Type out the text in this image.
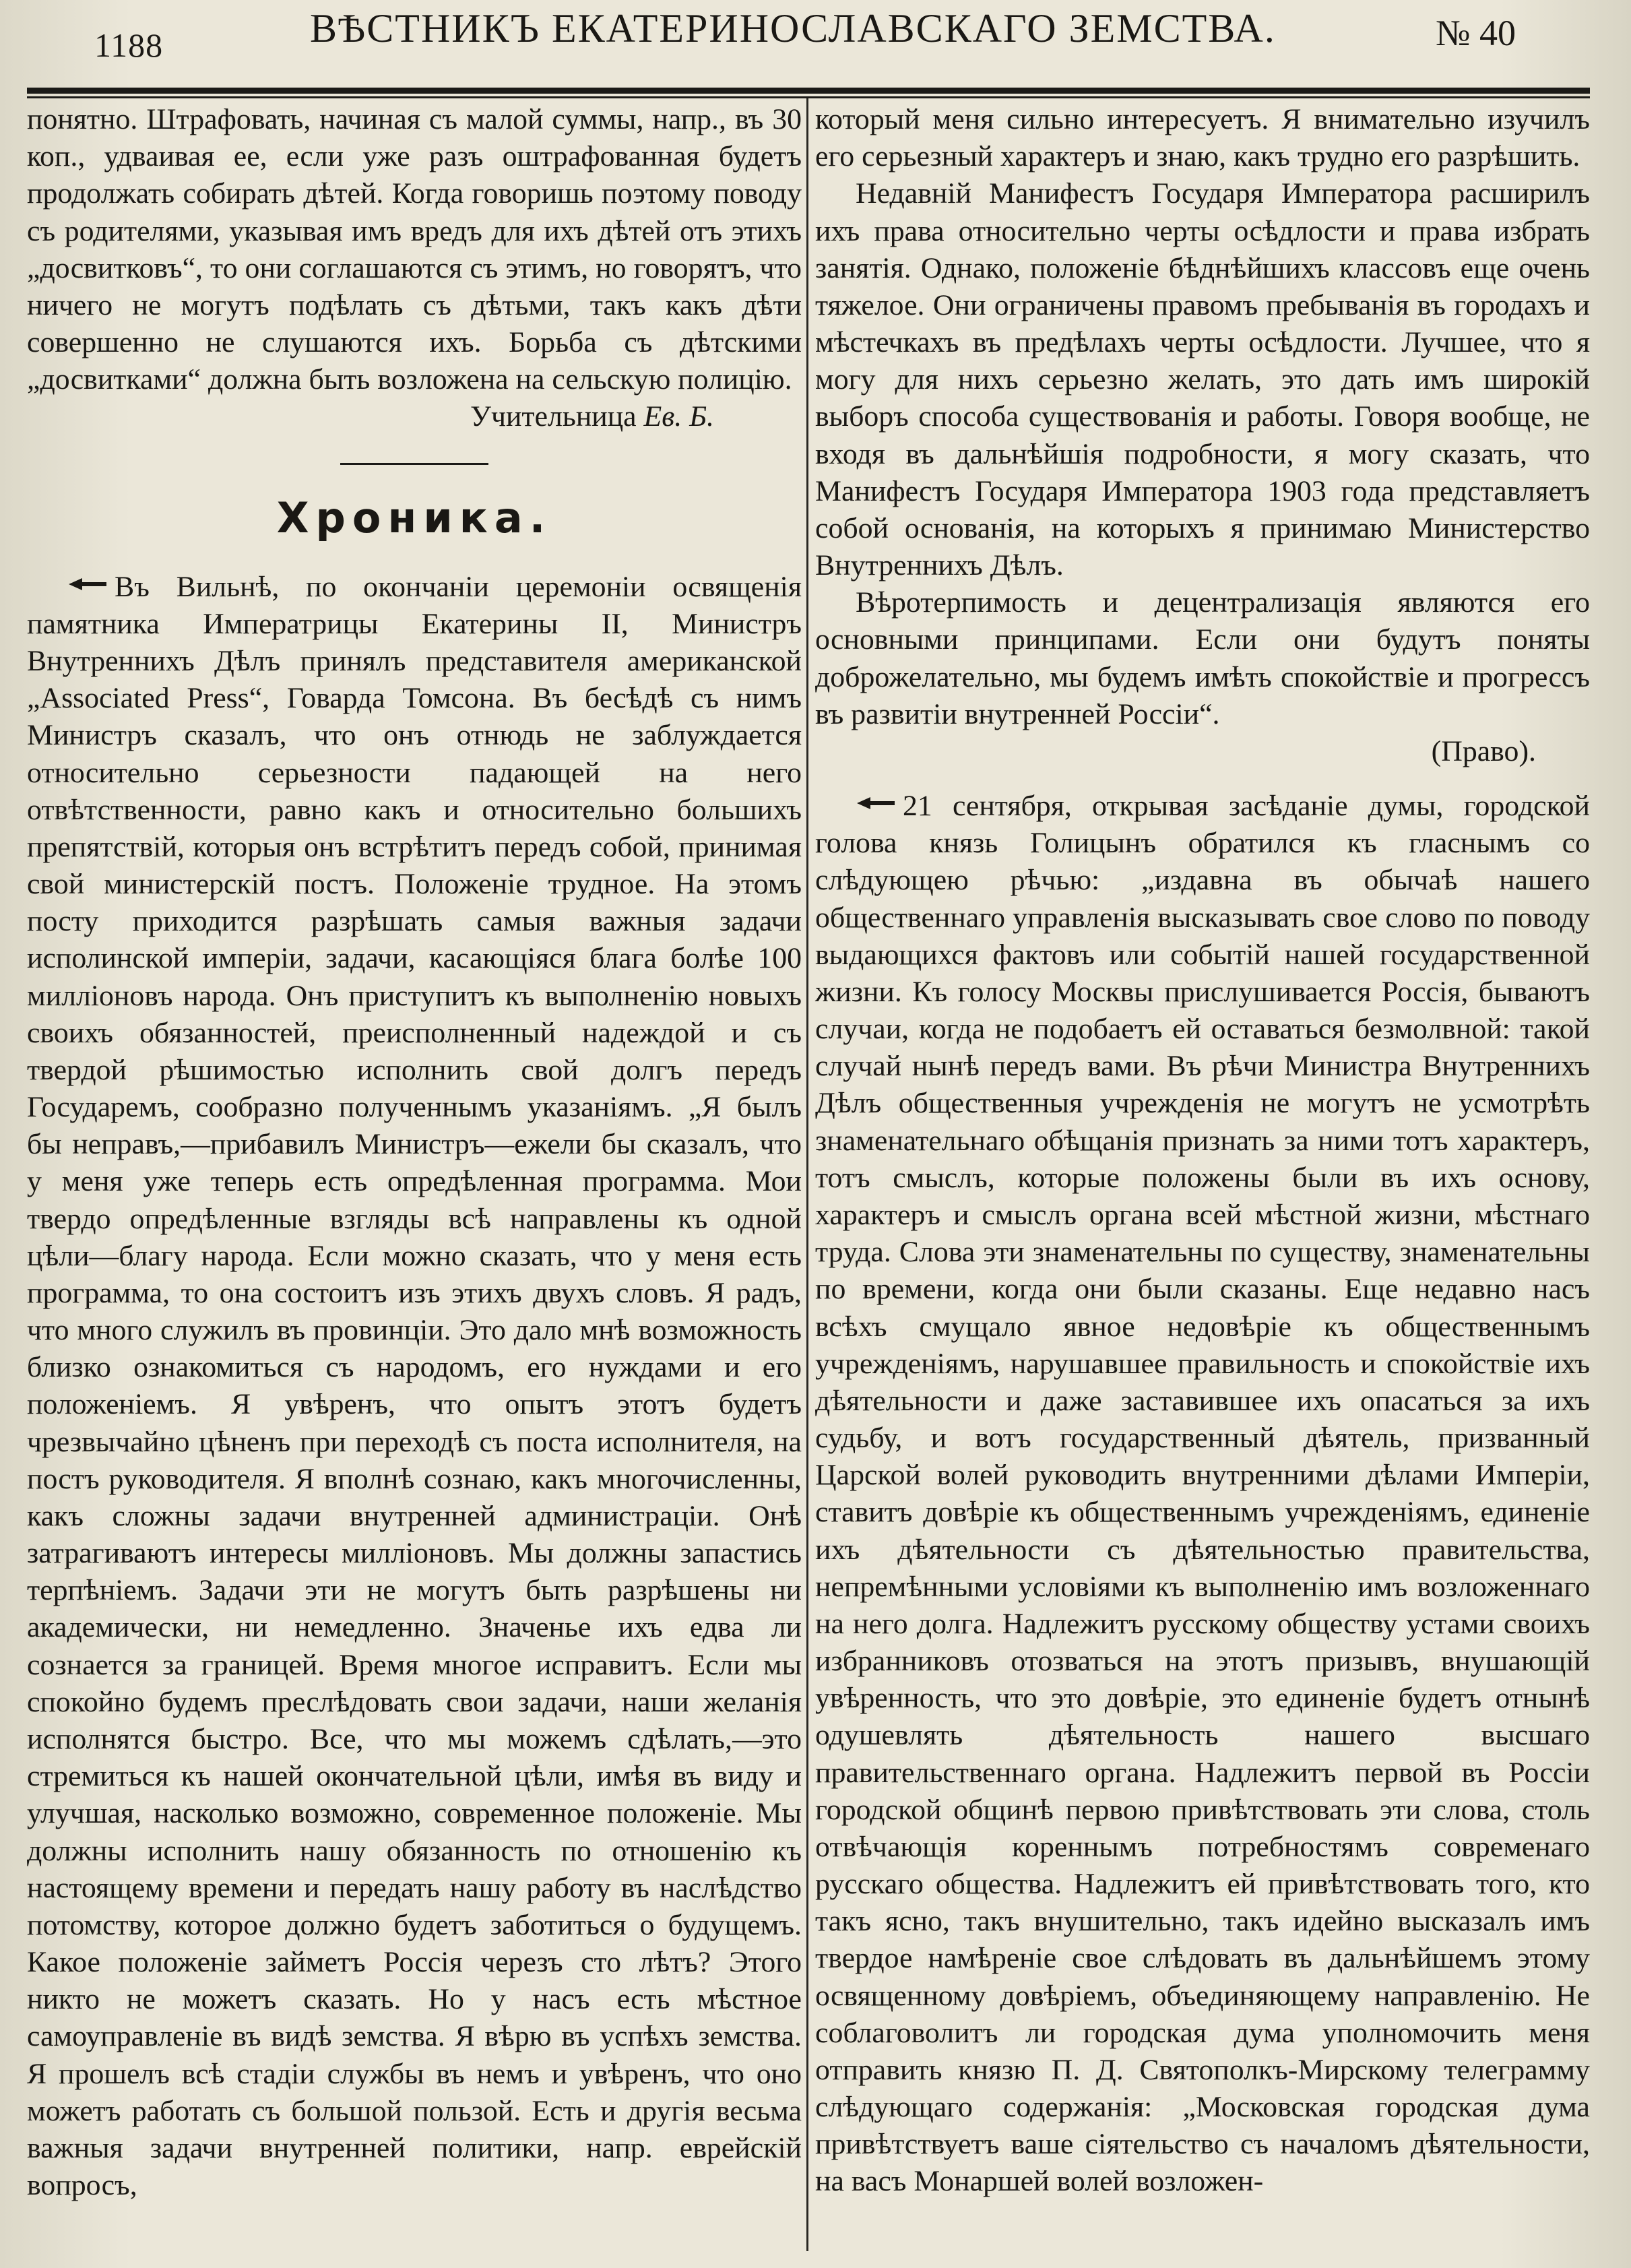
1188	ВѢСТНИКЪ ЕКАТЕРИНОСЛАВСКАГО ЗЕМСТВА.	№ 40

понятно. Штрафовать, начиная съ малой суммы, напр., въ 30 коп., удваивая ее, если уже разъ оштрафованная будетъ продолжать собирать дѣтей. Когда говоришь поэтому поводу съ родителями, указывая имъ вредъ для ихъ дѣтей отъ этихъ „досвитковъ“, то они соглашаются съ этимъ, но говорятъ, что ничего не могутъ подѣлать съ дѣтьми, такъ какъ дѣти совершенно не слушаются ихъ. Борьба съ дѣтскими „досвитками“ должна быть возложена на сельскую полицію.

Учительница Ев. Б.

Хроника.

Въ Вильнѣ, по окончаніи церемоніи освященія памятника Императрицы Екатерины II, Министръ Внутреннихъ Дѣлъ принялъ представителя американской „Associated Press“, Говарда Томсона. Въ бесѣдѣ съ нимъ Министръ сказалъ, что онъ отнюдь не заблуждается относительно серьезности падающей на него отвѣтственности, равно какъ и относительно большихъ препятствій, которыя онъ встрѣтитъ передъ собой, принимая свой министерскій постъ. Положеніе трудное. На этомъ посту приходится разрѣшать самыя важныя задачи исполинской имперіи, задачи, касающіяся блага болѣе 100 милліоновъ народа. Онъ приступитъ къ выполненію новыхъ своихъ обязанностей, преисполненный надеждой и съ твердой рѣшимостью исполнить свой долгъ передъ Государемъ, сообразно полученнымъ указаніямъ. „Я былъ бы неправъ,—прибавилъ Министръ—ежели бы сказалъ, что у меня уже теперь есть опредѣленная программа. Мои твердо опредѣленные взгляды всѣ направлены къ одной цѣли—благу народа. Если можно сказать, что у меня есть программа, то она состоитъ изъ этихъ двухъ словъ. Я радъ, что много служилъ въ провинціи. Это дало мнѣ возможность близко ознакомиться съ народомъ, его нуждами и его положеніемъ. Я увѣренъ, что опытъ этотъ будетъ чрезвычайно цѣненъ при переходѣ съ поста исполнителя, на постъ руководителя. Я вполнѣ сознаю, какъ многочисленны, какъ сложны задачи внутренней администраціи. Онѣ затрагиваютъ интересы милліоновъ. Мы должны запастись терпѣніемъ. Задачи эти не могутъ быть разрѣшены ни академически, ни немедленно. Значенье ихъ едва ли сознается за границей. Время многое исправитъ. Если мы спокойно будемъ преслѣдовать свои задачи, наши желанія исполнятся быстро. Все, что мы можемъ сдѣлать,—это стремиться къ нашей окончательной цѣли, имѣя въ виду и улучшая, насколько возможно, современное положеніе. Мы должны исполнить нашу обязанность по отношенію къ настоящему времени и передать нашу работу въ наслѣдство потомству, которое должно будетъ заботиться о будущемъ. Какое положеніе займетъ Россія черезъ сто лѣтъ? Этого никто не можетъ сказать. Но у насъ есть мѣстное самоуправленіе въ видѣ земства. Я вѣрю въ успѣхъ земства. Я прошелъ всѣ стадіи службы въ немъ и увѣренъ, что оно можетъ работать съ большой пользой. Есть и другія весьма важныя задачи внутренней политики, напр. еврейскій вопросъ,

который меня сильно интересуетъ. Я внимательно изучилъ его серьезный характеръ и знаю, какъ трудно его разрѣшить.

Недавній Манифестъ Государя Императора расширилъ ихъ права относительно черты осѣдлости и права избрать занятія. Однако, положеніе бѣднѣйшихъ классовъ еще очень тяжелое. Они ограничены правомъ пребыванія въ городахъ и мѣстечкахъ въ предѣлахъ черты осѣдлости. Лучшее, что я могу для нихъ серьезно желать, это дать имъ широкій выборъ способа существованія и работы. Говоря вообще, не входя въ дальнѣйшія подробности, я могу сказать, что Манифестъ Государя Императора 1903 года представляетъ собой основанія, на которыхъ я принимаю Министерство Внутреннихъ Дѣлъ.

Вѣротерпимость и децентрализація являются его основными принципами. Если они будутъ поняты доброжелательно, мы будемъ имѣть спокойствіе и прогрессъ въ развитіи внутренней Россіи“.

(Право).

21 сентября, открывая засѣданіе думы, городской голова князь Голицынъ обратился къ гласнымъ со слѣдующею рѣчью: „издавна въ обычаѣ нашего общественнаго управленія высказывать свое слово по поводу выдающихся фактовъ или событій нашей государственной жизни. Къ голосу Москвы прислушивается Россія, бываютъ случаи, когда не подобаетъ ей оставаться безмолвной: такой случай нынѣ передъ вами. Въ рѣчи Министра Внутреннихъ Дѣлъ общественныя учрежденія не могутъ не усмотрѣть знаменательнаго обѣщанія признать за ними тотъ характеръ, тотъ смыслъ, которые положены были въ ихъ основу, характеръ и смыслъ органа всей мѣстной жизни, мѣстнаго труда. Слова эти знаменательны по существу, знаменательны по времени, когда они были сказаны. Еще недавно насъ всѣхъ смущало явное недовѣріе къ общественнымъ учрежденіямъ, нарушавшее правильность и спокойствіе ихъ дѣятельности и даже заставившее ихъ опасаться за ихъ судьбу, и вотъ государственный дѣятель, призванный Царской волей руководить внутренними дѣлами Имперіи, ставитъ довѣріе къ общественнымъ учрежденіямъ, единеніе ихъ дѣятельности съ дѣятельностью правительства, непремѣнными условіями къ выполненію имъ возложеннаго на него долга. Надлежитъ русскому обществу устами своихъ избранниковъ отозваться на этотъ призывъ, внушающій увѣренность, что это довѣріе, это единеніе будетъ отнынѣ одушевлять дѣятельность нашего высшаго правительственнаго органа. Надлежитъ первой въ Россіи городской общинѣ первою привѣтствовать эти слова, столь отвѣчающія кореннымъ потребностямъ современаго русскаго общества. Надлежитъ ей привѣтствовать того, кто такъ ясно, такъ внушительно, такъ идейно высказалъ имъ твердое намѣреніе свое слѣдовать въ дальнѣйшемъ этому освященному довѣріемъ, объединяющему направленію. Не соблаговолитъ ли городская дума уполномочить меня отправить князю П. Д. Святополкъ-Мирскому телеграмму слѣдующаго содержанія: „Московская городская дума привѣтствуетъ ваше сіятельство съ началомъ дѣятельности, на васъ Монаршей волей возложен-
